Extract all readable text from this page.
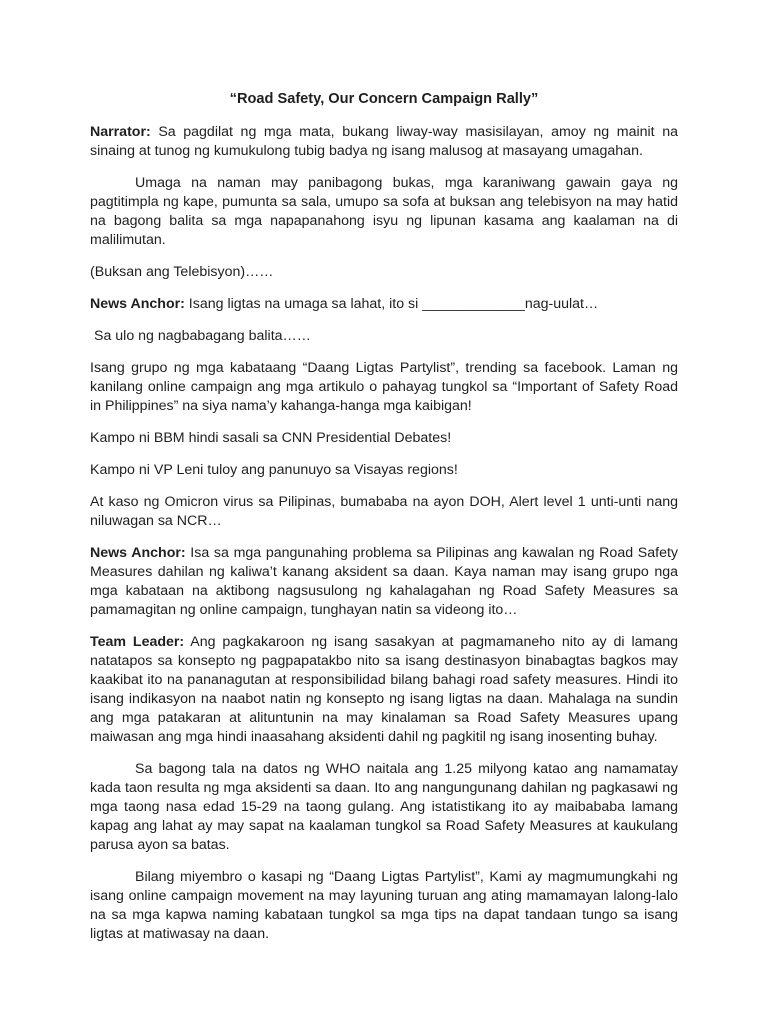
“Road Safety, Our Concern Campaign Rally”

Narrator: Sa pagdilat ng mga mata, bukang liway-way masisilayan, amoy ng mainit na sinaing at tunog ng kumukulong tubig badya ng isang malusog at masayang umagahan.

Umaga na naman may panibagong bukas, mga karaniwang gawain gaya ng pagtitimpla ng kape, pumunta sa sala, umupo sa sofa at buksan ang telebisyon na may hatid na bagong balita sa mga napapanahong isyu ng lipunan kasama ang kaalaman na di malilimutan.

(Buksan ang Telebisyon)……

News Anchor: Isang ligtas na umaga sa lahat, ito si _____________nag-uulat…

Sa ulo ng nagbabagang balita……

Isang grupo ng mga kabataang “Daang Ligtas Partylist”, trending sa facebook. Laman ng kanilang online campaign ang mga artikulo o pahayag tungkol sa “Important of Safety Road in Philippines” na siya nama’y kahanga-hanga mga kaibigan!

Kampo ni BBM hindi sasali sa CNN Presidential Debates!

Kampo ni VP Leni tuloy ang panunuyo sa Visayas regions!

At kaso ng Omicron virus sa Pilipinas, bumababa na ayon DOH, Alert level 1 unti-unti nang niluwagan sa NCR…

News Anchor: Isa sa mga pangunahing problema sa Pilipinas ang kawalan ng Road Safety Measures dahilan ng kaliwa’t kanang aksident sa daan. Kaya naman may isang grupo nga mga kabataan na aktibong nagsusulong ng kahalagahan ng Road Safety Measures sa pamamagitan ng online campaign, tunghayan natin sa videong ito…

Team Leader: Ang pagkakaroon ng isang sasakyan at pagmamaneho nito ay di lamang natatapos sa konsepto ng pagpapatakbo nito sa isang destinasyon binabagtas bagkos may kaakibat ito na pananagutan at responsibilidad bilang bahagi road safety measures. Hindi ito isang indikasyon na naabot natin ng konsepto ng isang ligtas na daan. Mahalaga na sundin ang mga patakaran at alituntunin na may kinalaman sa Road Safety Measures upang maiwasan ang mga hindi inaasahang aksidenti dahil ng pagkitil ng isang inosenting buhay.

Sa bagong tala na datos ng WHO naitala ang 1.25 milyong katao ang namamatay kada taon resulta ng mga aksidenti sa daan. Ito ang nangungunang dahilan ng pagkasawi ng mga taong nasa edad 15-29 na taong gulang. Ang istatistikang ito ay maibababa lamang kapag ang lahat ay may sapat na kaalaman tungkol sa Road Safety Measures at kaukulang parusa ayon sa batas.

Bilang miyembro o kasapi ng “Daang Ligtas Partylist”, Kami ay magmumungkahi ng isang online campaign movement na may layuning turuan ang ating mamamayan lalong-lalo na sa mga kapwa naming kabataan tungkol sa mga tips na dapat tandaan tungo sa isang ligtas at matiwasay na daan.
